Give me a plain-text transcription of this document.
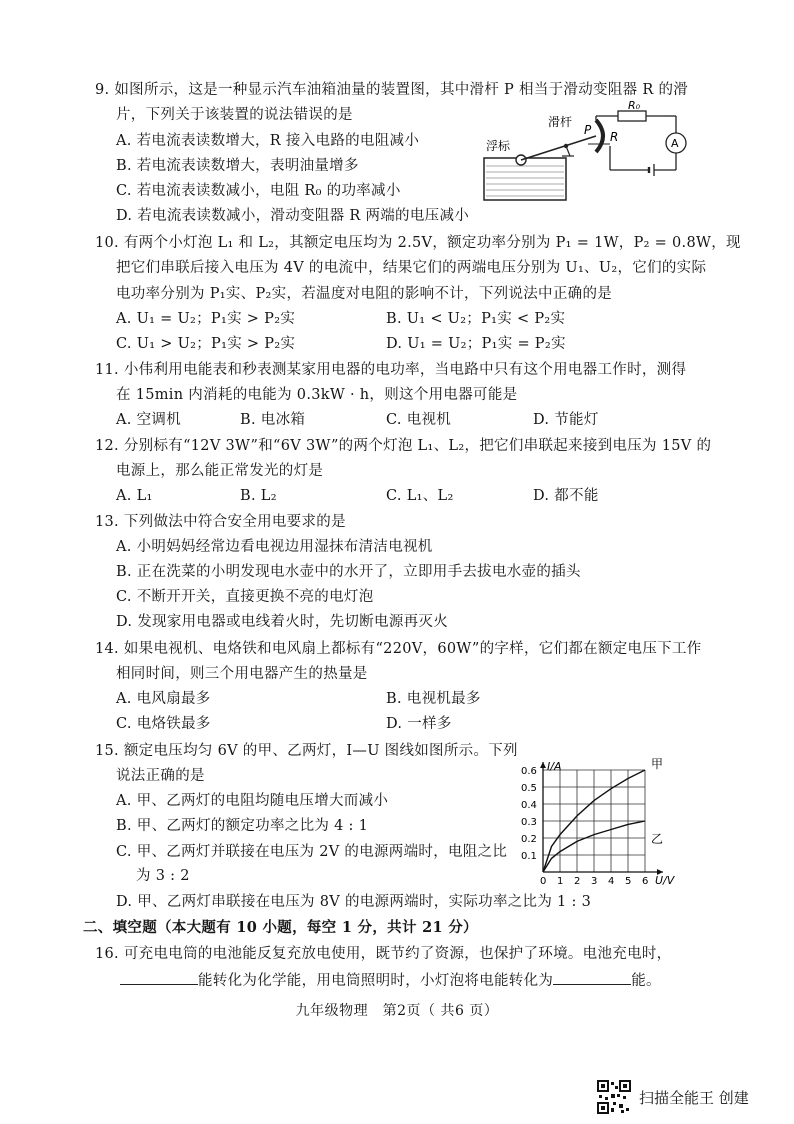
9. 如图所示，这是一种显示汽车油箱油量的装置图，其中滑杆 P 相当于滑动变阻器 R 的滑
片，下列关于该装置的说法错误的是
A. 若电流表读数增大，R 接入电路的电阻减小
B. 若电流表读数增大，表明油量增多
C. 若电流表读数减小，电阻 R₀ 的功率减小
D. 若电流表读数减小，滑动变阻器 R 两端的电压减小
滑杆
浮标
P R
R₀
A
10. 有两个小灯泡 L₁ 和 L₂，其额定电压均为 2.5V，额定功率分别为 P₁ = 1W，P₂ = 0.8W，现
把它们串联后接入电压为 4V 的电流中，结果它们的两端电压分别为 U₁、U₂，它们的实际
电功率分别为 P₁实、P₂实，若温度对电阻的影响不计，下列说法中正确的是
A. U₁ = U₂；P₁实 > P₂实	B. U₁ < U₂；P₁实 < P₂实
C. U₁ > U₂；P₁实 > P₂实	D. U₁ = U₂；P₁实 = P₂实
11. 小伟利用电能表和秒表测某家用电器的电功率，当电路中只有这个用电器工作时，测得
在 15min 内消耗的电能为 0.3kW · h，则这个用电器可能是
A. 空调机	B. 电冰箱	C. 电视机	D. 节能灯
12. 分别标有“12V 3W”和“6V 3W”的两个灯泡 L₁、L₂，把它们串联起来接到电压为 15V 的
电源上，那么能正常发光的灯是
A. L₁	B. L₂	C. L₁、L₂	D. 都不能
13. 下列做法中符合安全用电要求的是
A. 小明妈妈经常边看电视边用湿抹布清洁电视机
B. 正在洗菜的小明发现电水壶中的水开了，立即用手去拔电水壶的插头
C. 不断开开关，直接更换不亮的电灯泡
D. 发现家用电器或电线着火时，先切断电源再灭火
14. 如果电视机、电烙铁和电风扇上都标有“220V，60W”的字样，它们都在额定电压下工作
相同时间，则三个用电器产生的热量是
A. 电风扇最多	B. 电视机最多
C. 电烙铁最多	D. 一样多
15. 额定电压均匀 6V 的甲、乙两灯，I—U 图线如图所示。下列
说法正确的是
A. 甲、乙两灯的电阻均随电压增大而减小
B. 甲、乙两灯的额定功率之比为 4 : 1
C. 甲、乙两灯并联接在电压为 2V 的电源两端时，电阻之比
为 3 : 2
D. 甲、乙两灯串联接在电压为 8V 的电源两端时，实际功率之比为 1 : 3
甲
乙
0 1 2 3 4 5 6
0.1
0.2
0.3
0.4
0.5
0.6 I/A
U/V
二、填空题（本大题有 10 小题，每空 1 分，共计 21 分）
16. 可充电电筒的电池能反复充放电使用，既节约了资源，也保护了环境。电池充电时，
能转化为化学能，用电筒照明时，小灯泡将电能转化为	能。
九年级物理　第2页（ 共6 页）
扫描全能王 创建
